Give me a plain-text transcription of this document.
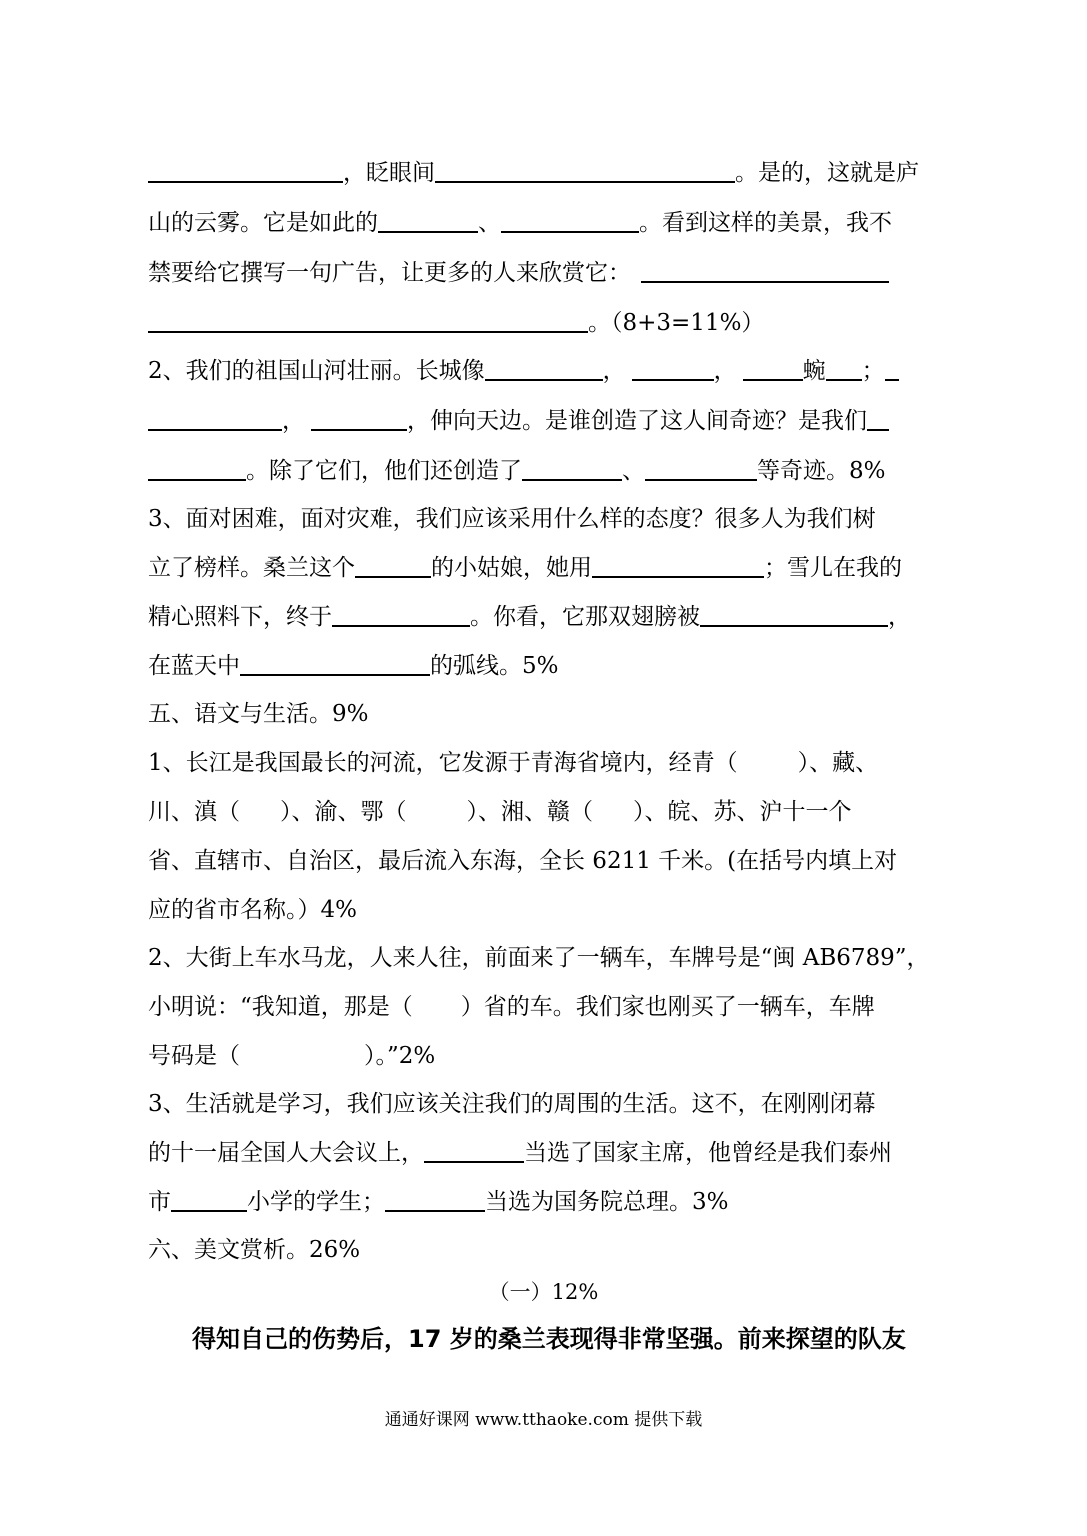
，眨眼间	。是的，这就是庐
山的云雾。它是如此的	、	。看到这样的美景，我不
禁要给它撰写一句广告，让更多的人来欣赏它：
。（8+3=11%）
2、我们的祖国山河壮丽。长城像	，	，	蜿 ；
，	，伸向天边。是谁创造了这人间奇迹？是我们
。除了它们，他们还创造了	、	等奇迹。8%
3、面对困难，面对灾难，我们应该采用什么样的态度？很多人为我们树
立了榜样。桑兰这个	的小姑娘，她用	；雪儿在我的
精心照料下，终于	。你看，它那双翅膀被	，
在蓝天中	的弧线。5%
五、语文与生活。9%
1、长江是我国最长的河流，它发源于青海省境内，经青（	）、藏、
川、滇（ ）、渝、鄂（	）、湘、赣（ ）、皖、苏、沪十一个
省、直辖市、自治区，最后流入东海，全长 6211 千米。(在括号内填上对
应的省市名称。）4%
2、大街上车水马龙，人来人往，前面来了一辆车，车牌号是“闽 AB6789”，
小明说：“我知道，那是（ ）省的车。我们家也刚买了一辆车，车牌
号码是（	）。”2%
3、生活就是学习，我们应该关注我们的周围的生活。这不，在刚刚闭幕
的十一届全国人大会议上，	当选了国家主席，他曾经是我们泰州
市	小学的学生；	当选为国务院总理。3%
六、美文赏析。26%
（一）12%
得知自己的伤势后，17 岁的桑兰表现得非常坚强。前来探望的队友
通通好课网 www.tthaoke.com 提供下载
